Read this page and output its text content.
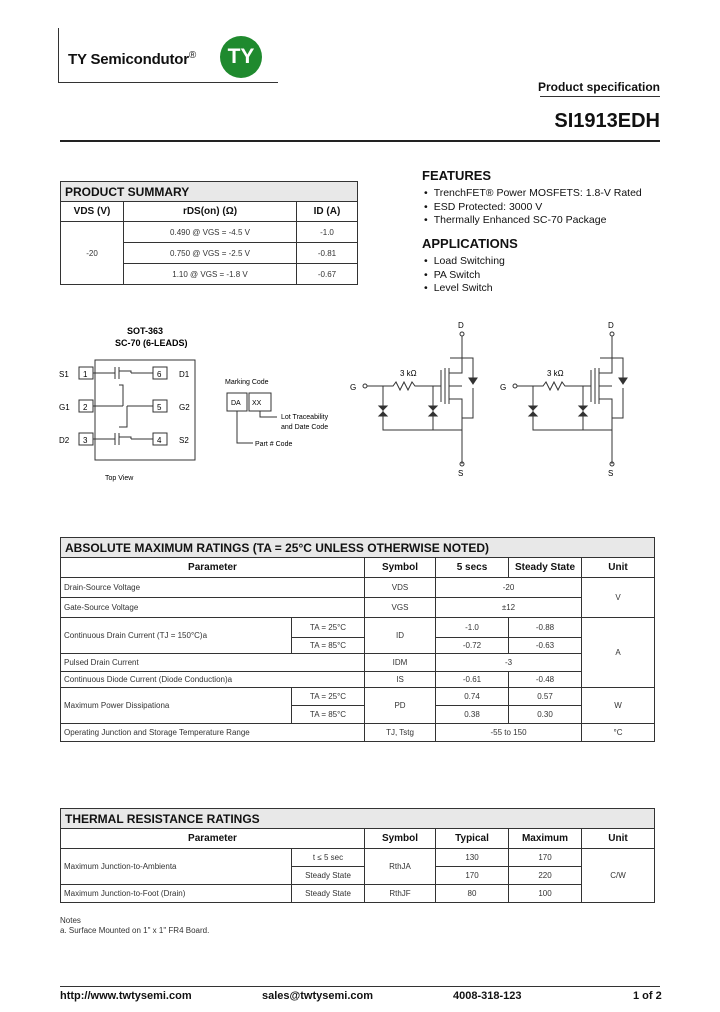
TY Semicondutor®	TY
Product specification
SI1913EDH
FEATURES
• TrenchFET® Power MOSFETS: 1.8-V Rated
• ESD Protected: 3000 V
• Thermally Enhanced SC-70 Package
APPLICATIONS
• Load Switching
• PA Switch
• Level Switch
PRODUCT SUMMARY		
VDS (V)	rDS(on) (Ω)	ID (A)
-20	0.490 @ VGS = -4.5 V	-1.0
	0.750 @ VGS = -2.5 V	-0.81
	1.10 @ VGS = -1.8 V	-0.67
SOT-363
SC-70 (6-LEADS)
S1
G1
D2
1
2
3
6
5
4
D1
G2
S2
Top View
Marking Code
DA XX
Lot Traceability
and Date Code
Part # Code
D
G
S
3 kΩ
D
G
S
3 kΩ
ABSOLUTE MAXIMUM RATINGS (TA = 25°C UNLESS OTHERWISE NOTED)					
Parameter		Symbol	5 secs	Steady State	Unit
Drain-Source Voltage		VDS	-20		V
Gate-Source Voltage		VGS	±12		
Continuous Drain Current (TJ = 150°C)a	TA = 25°C	ID	-1.0	-0.88	A
	TA = 85°C		-0.72	-0.63	
Pulsed Drain Current		IDM	-3		
Continuous Diode Current (Diode Conduction)a		IS	-0.61	-0.48	
Maximum Power Dissipationa	TA = 25°C	PD	0.74	0.57	W
	TA = 85°C		0.38	0.30	
Operating Junction and Storage Temperature Range		TJ, Tstg	-55 to 150		°C
THERMAL RESISTANCE RATINGS					
Parameter		Symbol	Typical	Maximum	Unit
Maximum Junction-to-Ambienta	t ≤ 5 sec	RthJA	130	170	C/W
	Steady State		170	220	
Maximum Junction-to-Foot (Drain)	Steady State	RthJF	80	100	
Notes
a. Surface Mounted on 1" x 1" FR4 Board.
http://www.twtysemi.com	sales@twtysemi.com	4008-318-123	1 of 2
